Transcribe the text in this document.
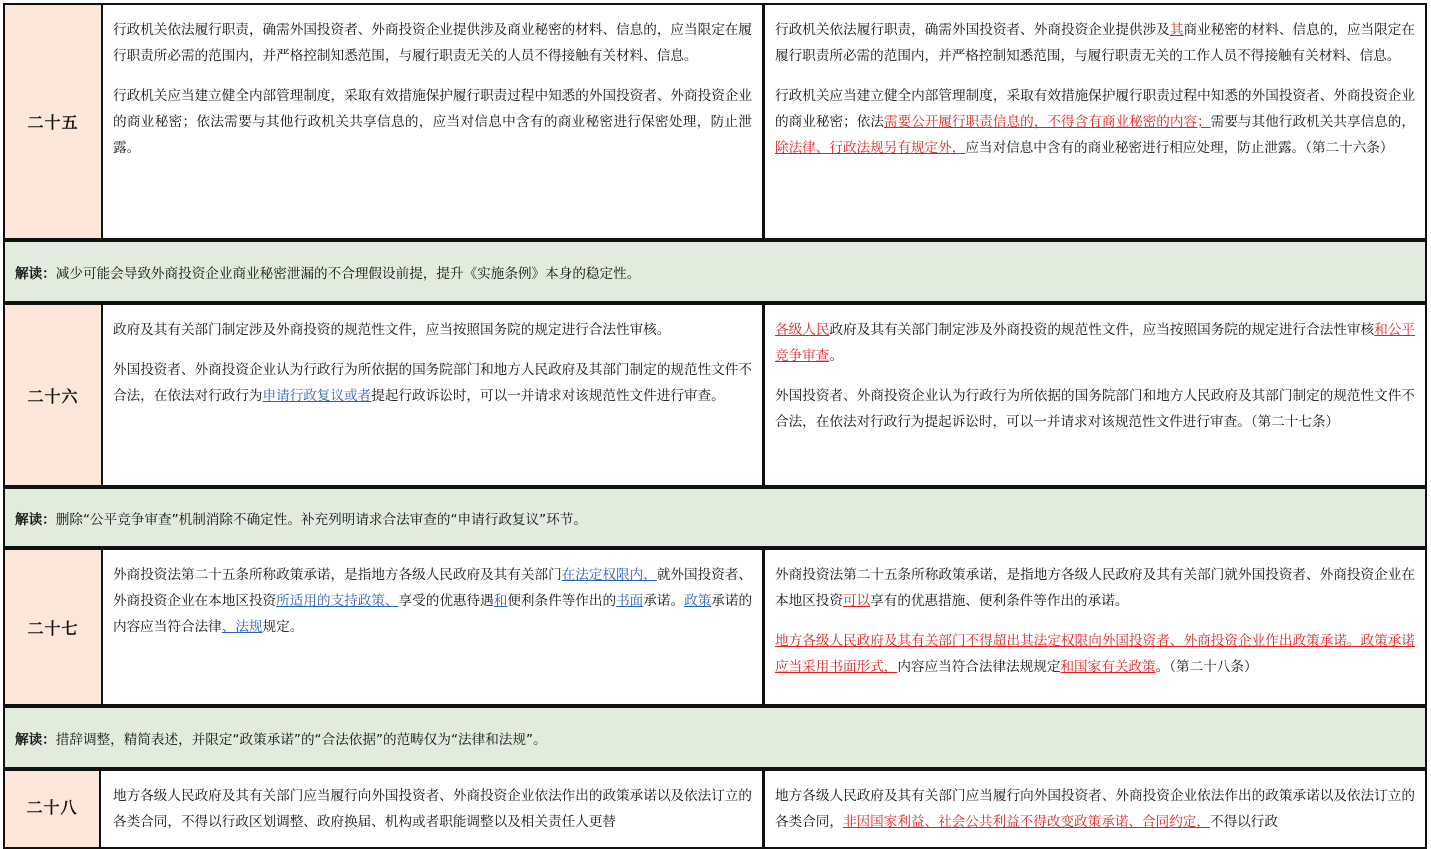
二十五

行政机关依法履行职责，确需外国投资者、外商投资企业提供涉及商业秘密的材料、信息的，应当限定在履行职责所必需的范围内，并严格控制知悉范围，与履行职责无关的人员不得接触有关材料、信息。

行政机关应当建立健全内部管理制度，采取有效措施保护履行职责过程中知悉的外国投资者、外商投资企业的商业秘密；依法需要与其他行政机关共享信息的，应当对信息中含有的商业秘密进行保密处理，防止泄露。

行政机关依法履行职责，确需外国投资者、外商投资企业提供涉及其商业秘密的材料、信息的，应当限定在履行职责所必需的范围内，并严格控制知悉范围，与履行职责无关的工作人员不得接触有关材料、信息。

行政机关应当建立健全内部管理制度，采取有效措施保护履行职责过程中知悉的外国投资者、外商投资企业的商业秘密；依法需要公开履行职责信息的，不得含有商业秘密的内容；需要与其他行政机关共享信息的，除法律、行政法规另有规定外，应当对信息中含有的商业秘密进行相应处理，防止泄露。（第二十六条）

解读： 减少可能会导致外商投资企业商业秘密泄漏的不合理假设前提，提升《实施条例》本身的稳定性。
二十六

政府及其有关部门制定涉及外商投资的规范性文件，应当按照国务院的规定进行合法性审核。

外国投资者、外商投资企业认为行政行为所依据的国务院部门和地方人民政府及其部门制定的规范性文件不合法，在依法对行政行为申请行政复议或者提起行政诉讼时，可以一并请求对该规范性文件进行审查。

各级人民政府及其有关部门制定涉及外商投资的规范性文件，应当按照国务院的规定进行合法性审核和公平竞争审查。

外国投资者、外商投资企业认为行政行为所依据的国务院部门和地方人民政府及其部门制定的规范性文件不合法，在依法对行政行为提起诉讼时，可以一并请求对该规范性文件进行审查。（第二十七条）

解读： 删除“公平竞争审查”机制消除不确定性。补充列明请求合法审查的“申请行政复议”环节。
二十七

外商投资法第二十五条所称政策承诺，是指地方各级人民政府及其有关部门在法定权限内，就外国投资者、外商投资企业在本地区投资所适用的支持政策、享受的优惠待遇和便利条件等作出的书面承诺。政策承诺的内容应当符合法律、法规规定。

外商投资法第二十五条所称政策承诺，是指地方各级人民政府及其有关部门就外国投资者、外商投资企业在本地区投资可以享有的优惠措施、便利条件等作出的承诺。

地方各级人民政府及其有关部门不得超出其法定权限向外国投资者、外商投资企业作出政策承诺。政策承诺应当采用书面形式，内容应当符合法律法规规定和国家有关政策。（第二十八条）

解读： 措辞调整，精简表述，并限定“政策承诺”的“合法依据”的范畴仅为“法律和法规”。
二十八

地方各级人民政府及其有关部门应当履行向外国投资者、外商投资企业依法作出的政策承诺以及依法订立的各类合同，不得以行政区划调整、政府换届、机构或者职能调整以及相关责任人更替

地方各级人民政府及其有关部门应当履行向外国投资者、外商投资企业依法作出的政策承诺以及依法订立的各类合同，非因国家利益、社会公共利益不得改变政策承诺、合同约定，不得以行政
